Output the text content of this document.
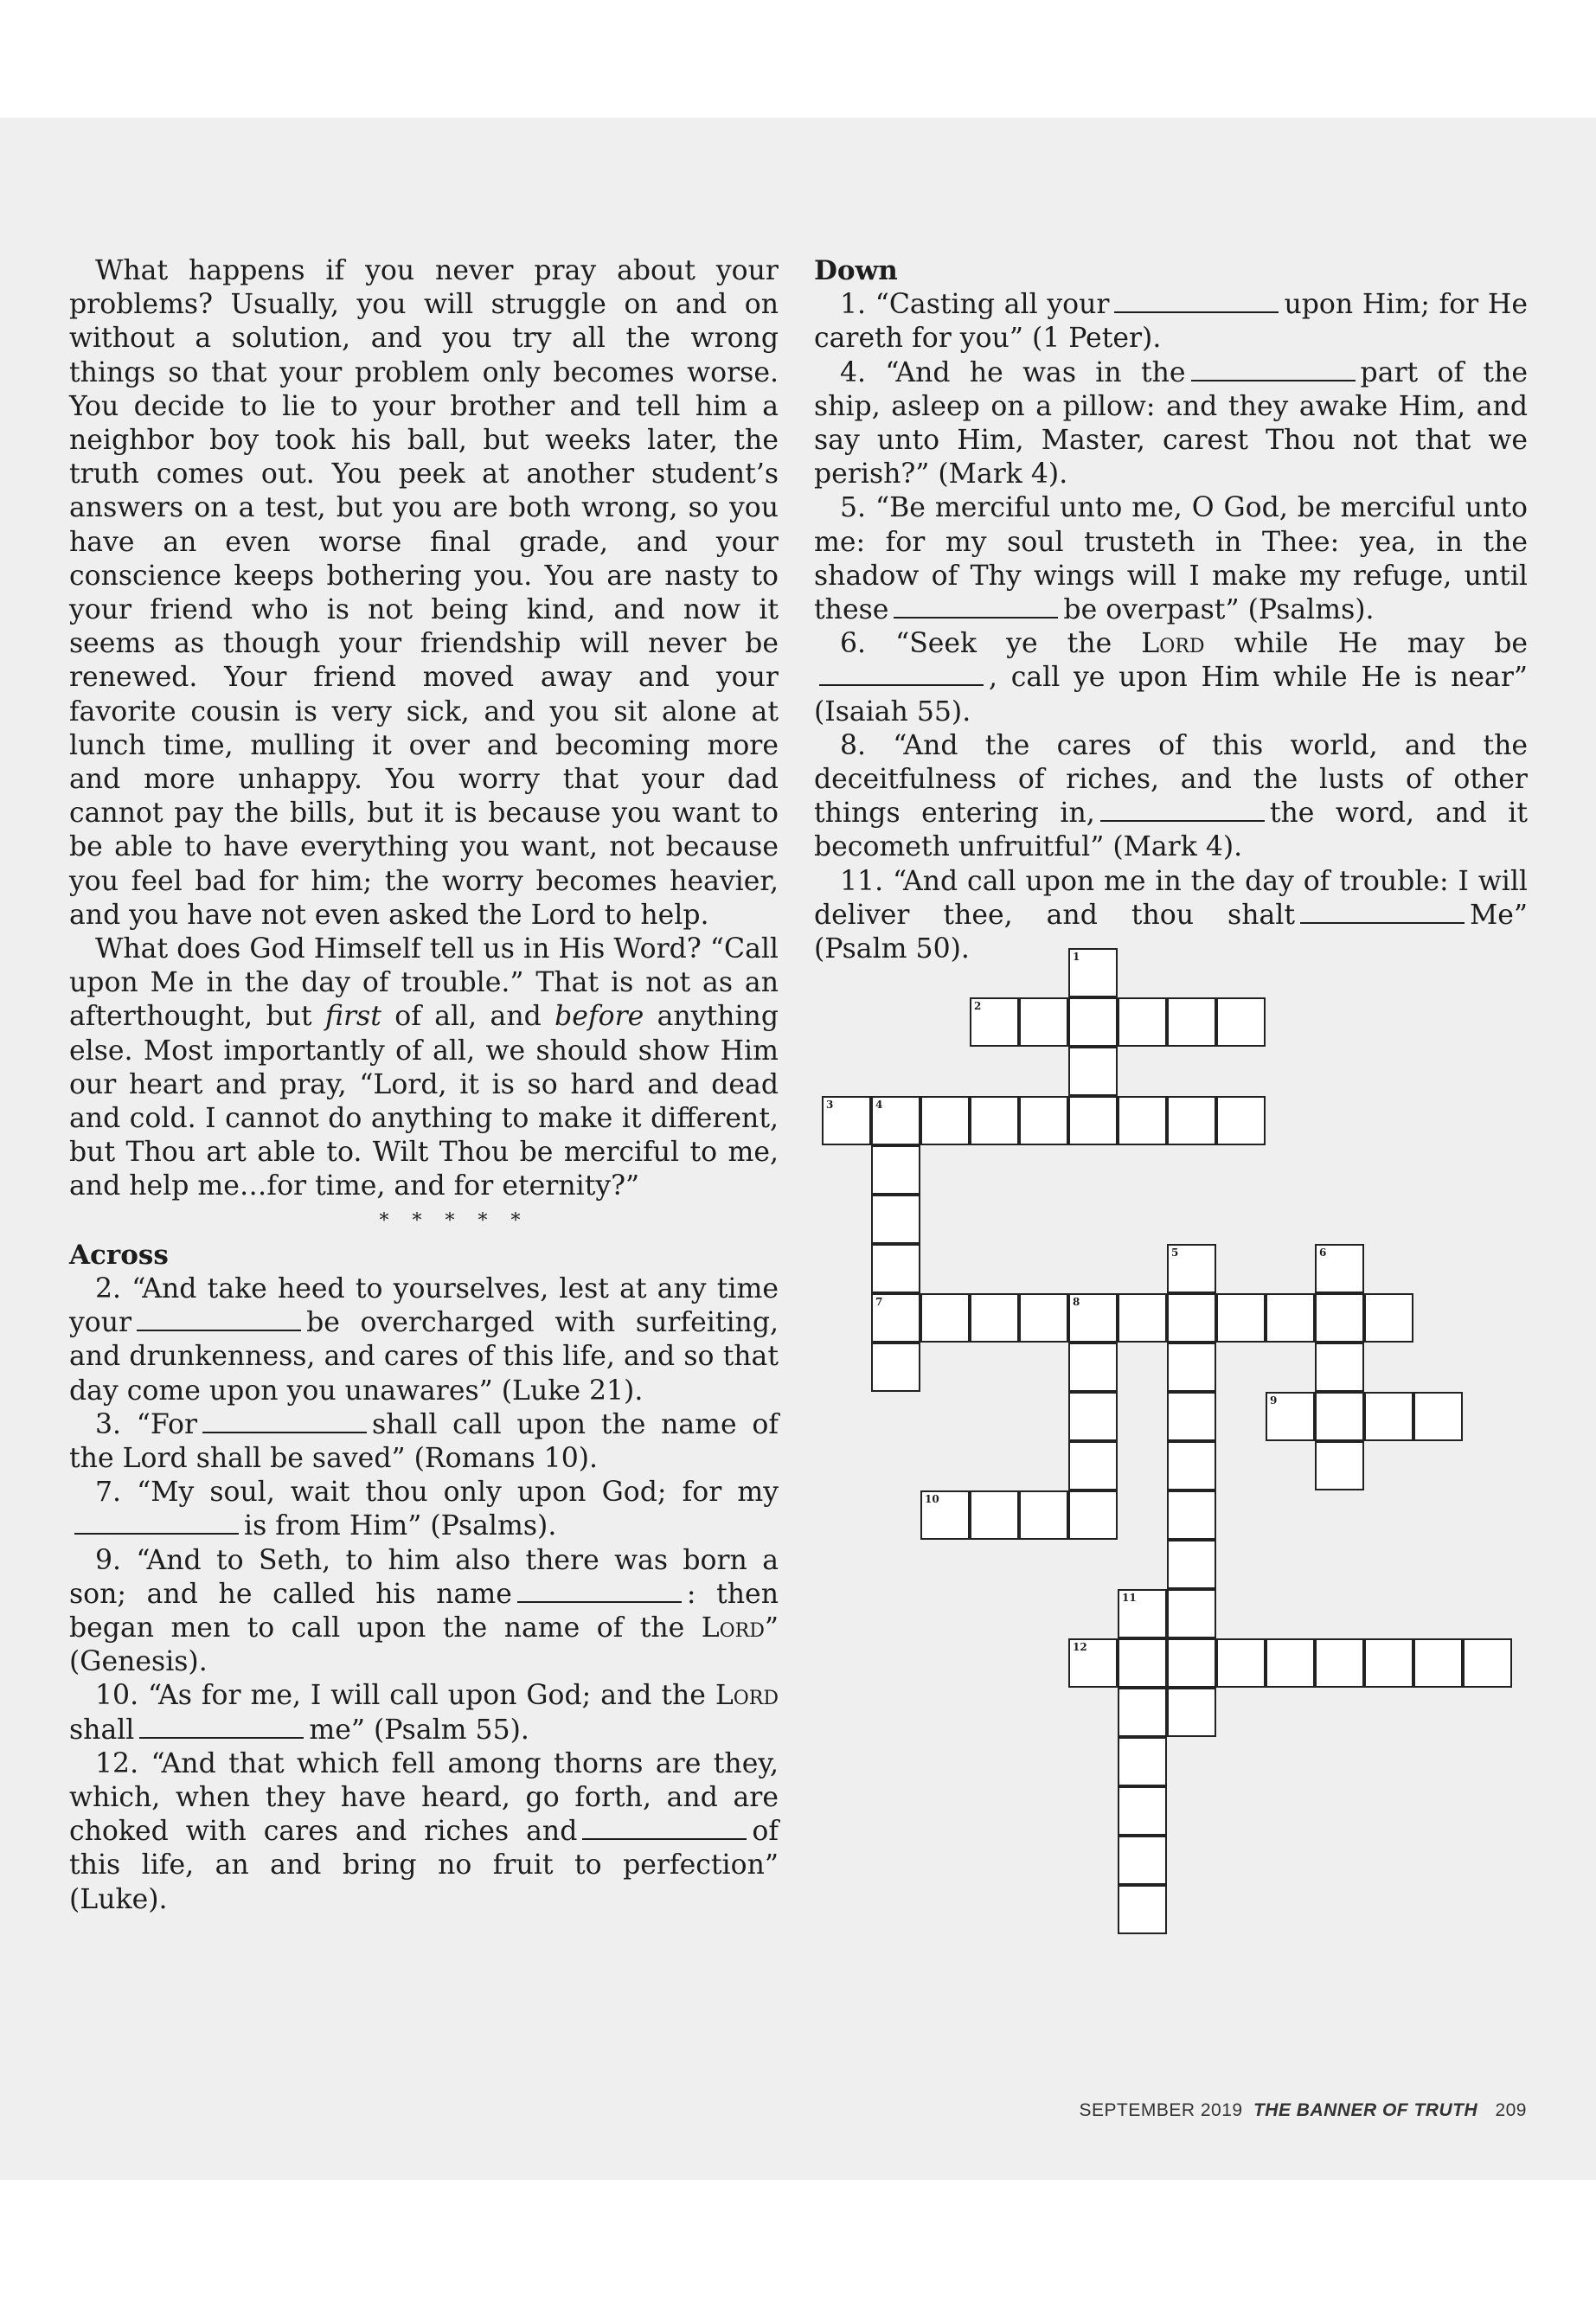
What happens if you never pray about your problems? Usually, you will struggle on and on without a solution, and you try all the wrong things so that your problem only becomes worse. You decide to lie to your brother and tell him a neighbor boy took his ball, but weeks later, the truth comes out. You peek at another student’s answers on a test, but you are both wrong, so you have an even worse final grade, and your conscience keeps bothering you. You are nasty to your friend who is not being kind, and now it seems as though your friendship will never be renewed. Your friend moved away and your favorite cousin is very sick, and you sit alone at lunch time, mulling it over and becoming more and more unhappy. You worry that your dad cannot pay the bills, but it is because you want to be able to have everything you want, not because you feel bad for him; the worry becomes heavier, and you have not even asked the Lord to help.

What does God Himself tell us in His Word? “Call upon Me in the day of trouble.” That is not as an afterthought, but first of all, and before anything else. Most importantly of all, we should show Him our heart and pray, “Lord, it is so hard and dead and cold. I cannot do anything to make it different, but Thou art able to. Wilt Thou be merciful to me, and help me…for time, and for eternity?”

* * * * *

Across

2. “And take heed to yourselves, lest at any time your	be overcharged with surfeiting, and drunkenness, and cares of this life, and so that day come upon you unawares” (Luke 21).

3. “For	shall call upon the name of the Lord shall be saved” (Romans 10).

7. “My soul, wait thou only upon God; for myis from Him” (Psalms).

9. “And to Seth, to him also there was born a son; and he called his name	: then began men to call upon the name of the Lord” (Genesis).

10. “As for me, I will call upon God; and the Lord shall	me” (Psalm 55).

12. “And that which fell among thorns are they, which, when they have heard, go forth, and are choked with cares and riches and	of this life, an and bring no fruit to perfection” (Luke).

Down

1. “Casting all your	upon Him; for He careth for you” (1 Peter).

4. “And he was in the	part of the ship, asleep on a pillow: and they awake Him, and say unto Him, Master, carest Thou not that we perish?” (Mark 4).

5. “Be merciful unto me, O God, be merciful unto me: for my soul trusteth in Thee: yea, in the shadow of Thy wings will I make my refuge, until these	be overpast” (Psalms).

6. “Seek ye the Lord while He may be, call ye upon Him while He is near” (Isaiah 55).

8. “And the cares of this world, and the deceitfulness of riches, and the lusts of other things entering in,	the word, and it becometh unfruitful” (Mark 4).

11. “And call upon me in the day of trouble: I will deliver thee, and thou shalt	Me” (Psalm 50).	1
2
3	4
7
5	6
8
9
10
11
12
SEPTEMBER 2019 THE BANNER OF TRUTH 209
